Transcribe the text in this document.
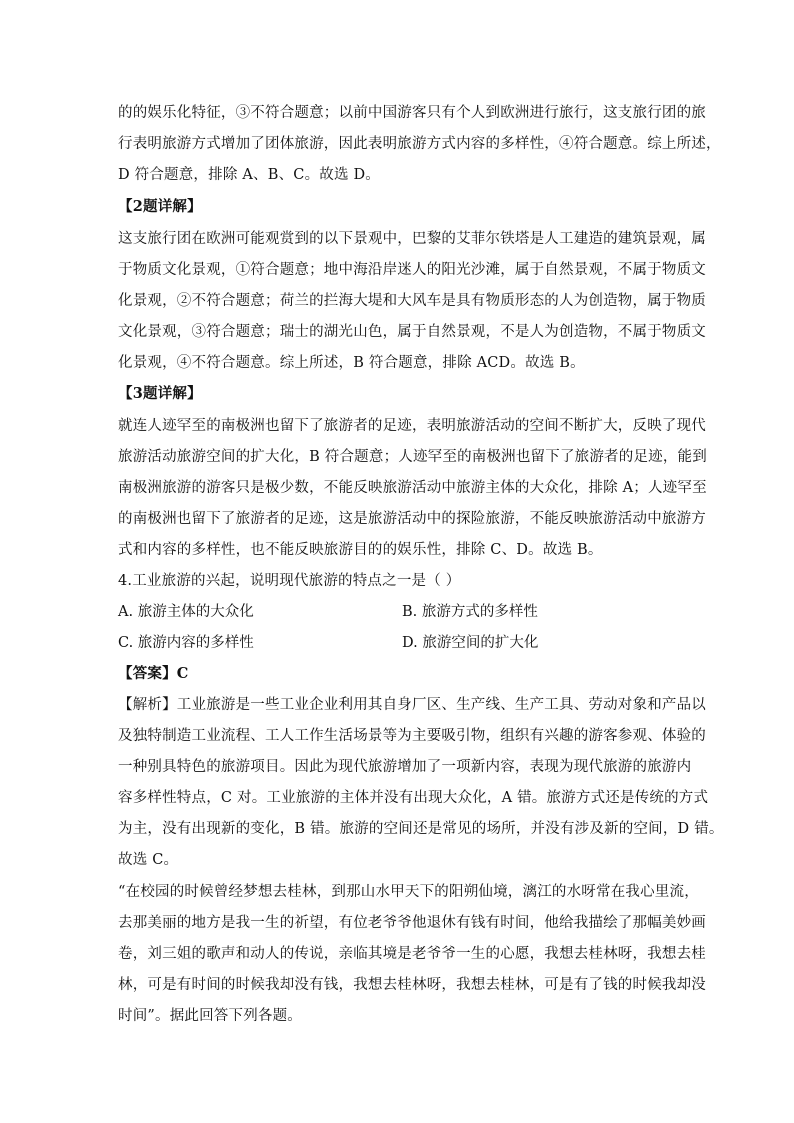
的的娱乐化特征，③不符合题意；以前中国游客只有个人到欧洲进行旅行，这支旅行团的旅
行表明旅游方式增加了团体旅游，因此表明旅游方式内容的多样性，④符合题意。综上所述，
D 符合题意，排除 A、B、C。故选 D。
【2题详解】
这支旅行团在欧洲可能观赏到的以下景观中，巴黎的艾菲尔铁塔是人工建造的建筑景观，属
于物质文化景观，①符合题意；地中海沿岸迷人的阳光沙滩，属于自然景观，不属于物质文
化景观，②不符合题意；荷兰的拦海大堤和大风车是具有物质形态的人为创造物，属于物质
文化景观，③符合题意；瑞士的湖光山色，属于自然景观，不是人为创造物，不属于物质文
化景观，④不符合题意。综上所述，B 符合题意，排除 ACD。故选 B。
【3题详解】
就连人迹罕至的南极洲也留下了旅游者的足迹，表明旅游活动的空间不断扩大，反映了现代
旅游活动旅游空间的扩大化，B 符合题意；人迹罕至的南极洲也留下了旅游者的足迹，能到
南极洲旅游的游客只是极少数，不能反映旅游活动中旅游主体的大众化，排除 A；人迹罕至
的南极洲也留下了旅游者的足迹，这是旅游活动中的探险旅游，不能反映旅游活动中旅游方
式和内容的多样性，也不能反映旅游目的的娱乐性，排除 C、D。故选 B。
4.工业旅游的兴起，说明现代旅游的特点之一是（ ）
A. 旅游主体的大众化	B. 旅游方式的多样性
C. 旅游内容的多样性	D. 旅游空间的扩大化
【答案】C
【解析】工业旅游是一些工业企业利用其自身厂区、生产线、生产工具、劳动对象和产品以
及独特制造工业流程、工人工作生活场景等为主要吸引物，组织有兴趣的游客参观、体验的
一种别具特色的旅游项目。因此为现代旅游增加了一项新内容，表现为现代旅游的旅游内
容多样性特点，C 对。工业旅游的主体并没有出现大众化，A 错。旅游方式还是传统的方式
为主，没有出现新的变化，B 错。旅游的空间还是常见的场所，并没有涉及新的空间，D 错。
故选 C。
“在校园的时候曾经梦想去桂林，到那山水甲天下的阳朔仙境，漓江的水呀常在我心里流，
去那美丽的地方是我一生的祈望，有位老爷爷他退休有钱有时间，他给我描绘了那幅美妙画
卷，刘三姐的歌声和动人的传说，亲临其境是老爷爷一生的心愿，我想去桂林呀，我想去桂
林，可是有时间的时候我却没有钱，我想去桂林呀，我想去桂林，可是有了钱的时候我却没
时间”。据此回答下列各题。
